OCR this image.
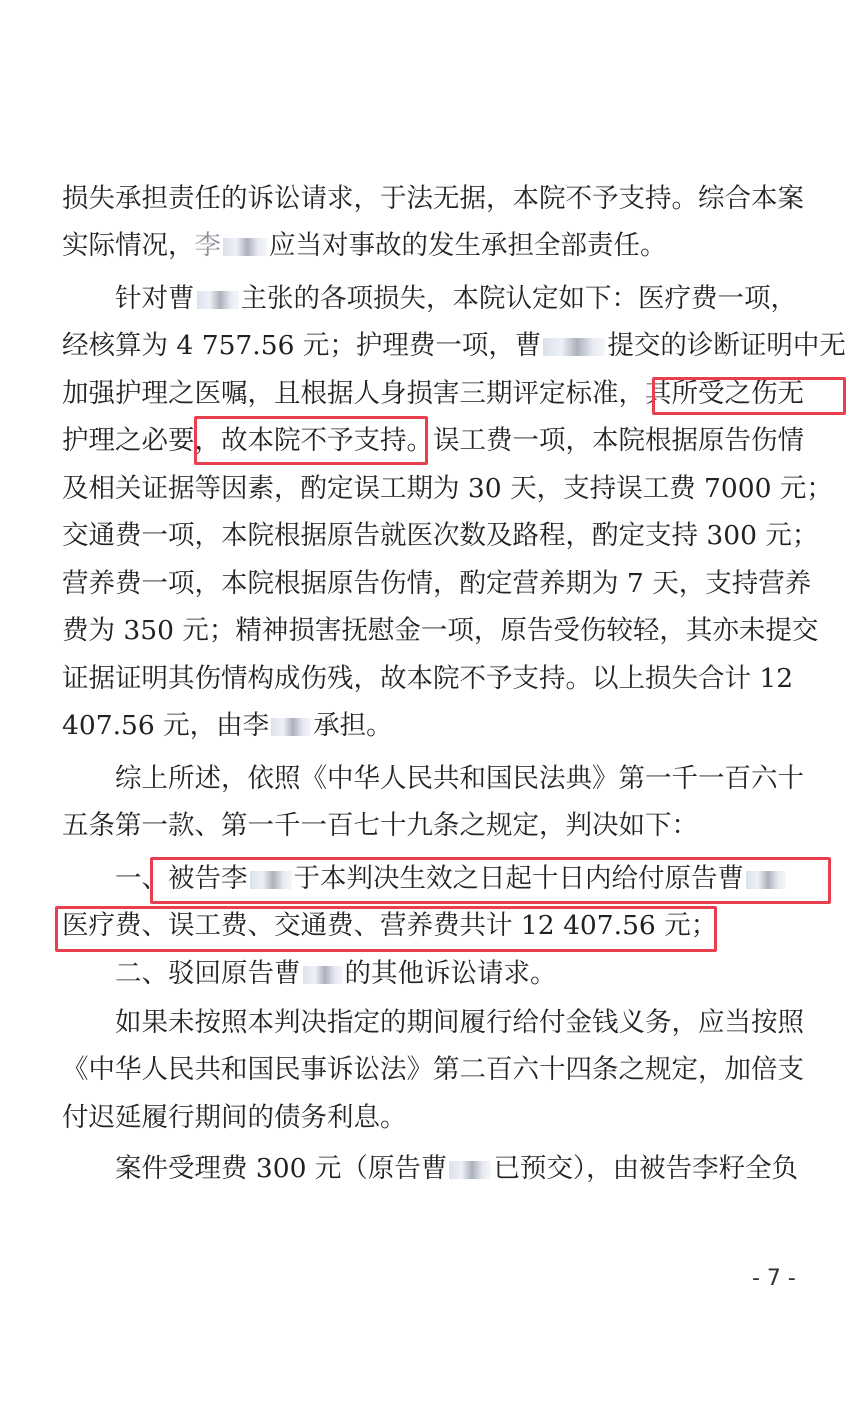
损失承担责任的诉讼请求，于法无据，本院不予支持。综合本案
实际情况，李 应当对事故的发生承担全部责任。
针对曹 主张的各项损失，本院认定如下：医疗费一项，
经核算为 4 757.56 元；护理费一项，曹 提交的诊断证明中无
加强护理之医嘱，且根据人身损害三期评定标准，其所受之伤无
护理之必要，故本院不予支持。误工费一项，本院根据原告伤情
及相关证据等因素，酌定误工期为 30 天，支持误工费 7000 元；
交通费一项，本院根据原告就医次数及路程，酌定支持 300 元；
营养费一项，本院根据原告伤情，酌定营养期为 7 天，支持营养
费为 350 元；精神损害抚慰金一项，原告受伤较轻，其亦未提交
证据证明其伤情构成伤残，故本院不予支持。以上损失合计 12
407.56 元，由李 承担。
综上所述，依照《中华人民共和国民法典》第一千一百六十
五条第一款、第一千一百七十九条之规定，判决如下：
一、被告李 于本判决生效之日起十日内给付原告曹
医疗费、误工费、交通费、营养费共计 12 407.56 元；
二、驳回原告曹 的其他诉讼请求。
如果未按照本判决指定的期间履行给付金钱义务，应当按照
《中华人民共和国民事诉讼法》第二百六十四条之规定，加倍支
付迟延履行期间的债务利息。
案件受理费 300 元（原告曹 已预交），由被告李籽全负
- 7 -
